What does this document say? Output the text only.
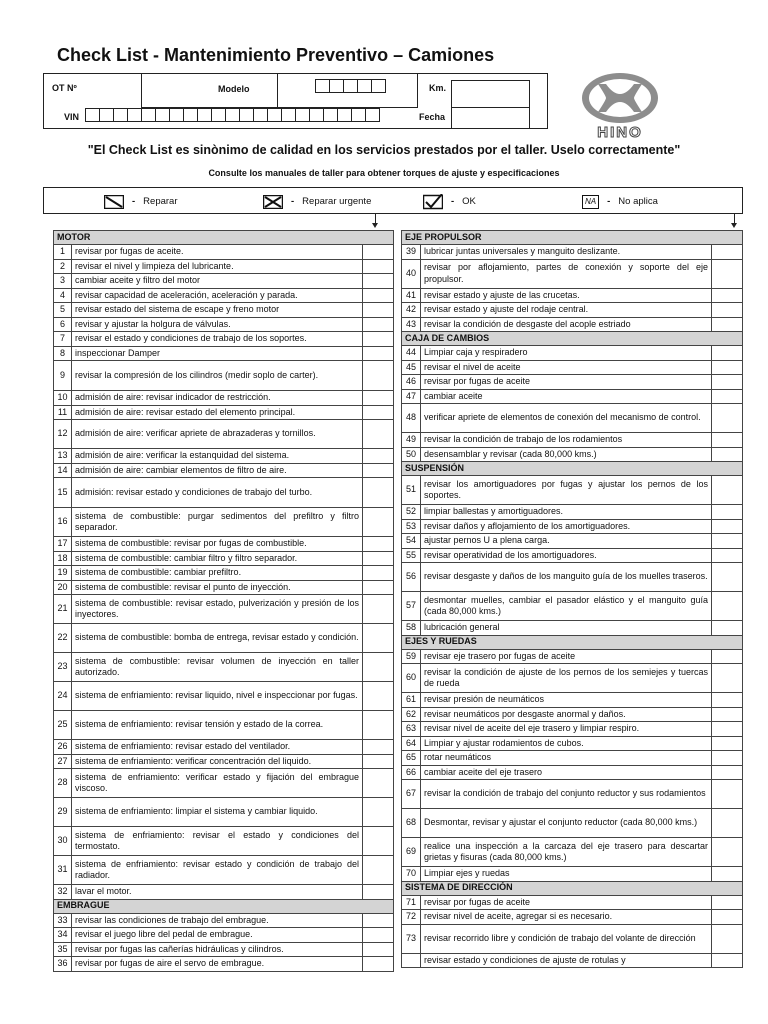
Check List - Mantenimiento Preventivo – Camiones
OT Nº	Modelo	Km.
VIN	Fecha
HINO
"El Check List es sinònimo de calidad en los servicios prestados por el taller. Uselo correctamente"
Consulte los manuales de taller para obtener torques de ajuste y especificaciones
- Reparar	- Reparar urgente	- OK	NA	- No aplica
MOTOR		
1	revisar por fugas de aceite.	
2	revisar el nivel y limpieza del lubricante.	
3	cambiar aceite y filtro del motor	
4	revisar capacidad de aceleración, aceleración y parada.	
5	revisar estado del sistema de escape y freno motor	
6	revisar y ajustar la holgura de válvulas.	
7	revisar el estado y condiciones de trabajo de los soportes.	
8	inspeccionar Damper	
9	revisar la compresión de los cilindros (medir soplo de carter).	
10	admisión de aire: revisar indicador de restricción.	
11	admisión de aire: revisar estado del elemento principal.	
12	admisión de aire: verificar apriete de abrazaderas y tornillos.	
13	admisión de aire: verificar la estanquidad del sistema.	
14	admisión de aire: cambiar elementos de filtro de aire.	
15	admisión: revisar estado y condiciones de trabajo del turbo.	
16	sistema de combustible: purgar sedimentos del prefiltro y filtro separador.	
17	sistema de combustible: revisar por fugas de combustible.	
18	sistema de combustible: cambiar filtro y filtro separador.	
19	sistema de combustible: cambiar prefiltro.	
20	sistema de combustible: revisar el punto de inyección.	
21	sistema de combustible: revisar estado, pulverización y presión de los inyectores.	
22	sistema de combustible: bomba de entrega, revisar estado y condición.	
23	sistema de combustible: revisar volumen de inyección en taller autorizado.	
24	sistema de enfriamiento: revisar liquido, nivel e inspeccionar por fugas.	
25	sistema de enfriamiento: revisar tensión y estado de la correa.	
26	sistema de enfriamiento: revisar estado del ventilador.	
27	sistema de enfriamiento: verificar concentración del liquido.	
28	sistema de enfriamiento: verificar estado y fijación del embrague viscoso.	
29	sistema de enfriamiento: limpiar el sistema y cambiar liquido.	
30	sistema de enfriamiento: revisar el estado y condiciones del termostato.	
31	sistema de enfriamiento: revisar estado y condición de trabajo del radiador.	
32	lavar el motor.	
EMBRAGUE		
33	revisar las condiciones de trabajo del embrague.	
34	revisar el juego libre del pedal de embrague.	
35	revisar por fugas las cañerías hidráulicas y cilindros.	
36	revisar por fugas de aire el servo de embrague.	
EJE PROPULSOR		
39	lubricar juntas universales y manguito deslizante.	
40	revisar por aflojamiento, partes de conexión y soporte del eje propulsor.	
41	revisar estado y ajuste de las crucetas.	
42	revisar estado y ajuste del rodaje central.	
43	revisar la condición de desgaste del acople estriado	
CAJA DE CAMBIOS		
44	Limpiar caja y respiradero	
45	revisar el nivel de aceite	
46	revisar por fugas de aceite	
47	cambiar aceite	
48	verificar apriete de elementos de conexión del mecanismo de control.	
49	revisar la condición de trabajo de los rodamientos	
50	desensamblar y revisar (cada 80,000 kms.)	
SUSPENSIÓN		
51	revisar los amortiguadores por fugas y ajustar los pernos de los soportes.	
52	limpiar ballestas y amortiguadores.	
53	revisar daños y aflojamiento de los amortiguadores.	
54	ajustar pernos U a plena carga.	
55	revisar operatividad de los amortiguadores.	
56	revisar desgaste y daños de los manguito guía de los muelles traseros.	
57	desmontar muelles, cambiar el pasador elástico y el manguito guía (cada 80,000 kms.)	
58	lubricación general	
EJES Y RUEDAS		
59	revisar eje trasero por fugas de aceite	
60	revisar la condición de ajuste de los pernos de los semiejes y tuercas de rueda	
61	revisar presión de neumáticos	
62	revisar neumáticos por desgaste anormal y daños.	
63	revisar nivel de aceite del eje trasero y limpiar respiro.	
64	Limpiar y ajustar rodamientos de cubos.	
65	rotar neumáticos	
66	cambiar aceite del eje trasero	
67	revisar la condición de trabajo del conjunto reductor y sus rodamientos	
68	Desmontar, revisar y ajustar el conjunto reductor (cada 80,000 kms.)	
69	realice una inspección a la carcaza del eje trasero para descartar grietas y fisuras (cada 80,000 kms.)	
70	Limpiar ejes y ruedas	
SISTEMA DE DIRECCIÓN		
71	revisar por fugas de aceite	
72	revisar nivel de aceite, agregar si es necesario.	
73	revisar recorrido libre y condición de trabajo del volante de dirección	
	revisar estado y condiciones de ajuste de rotulas y	
